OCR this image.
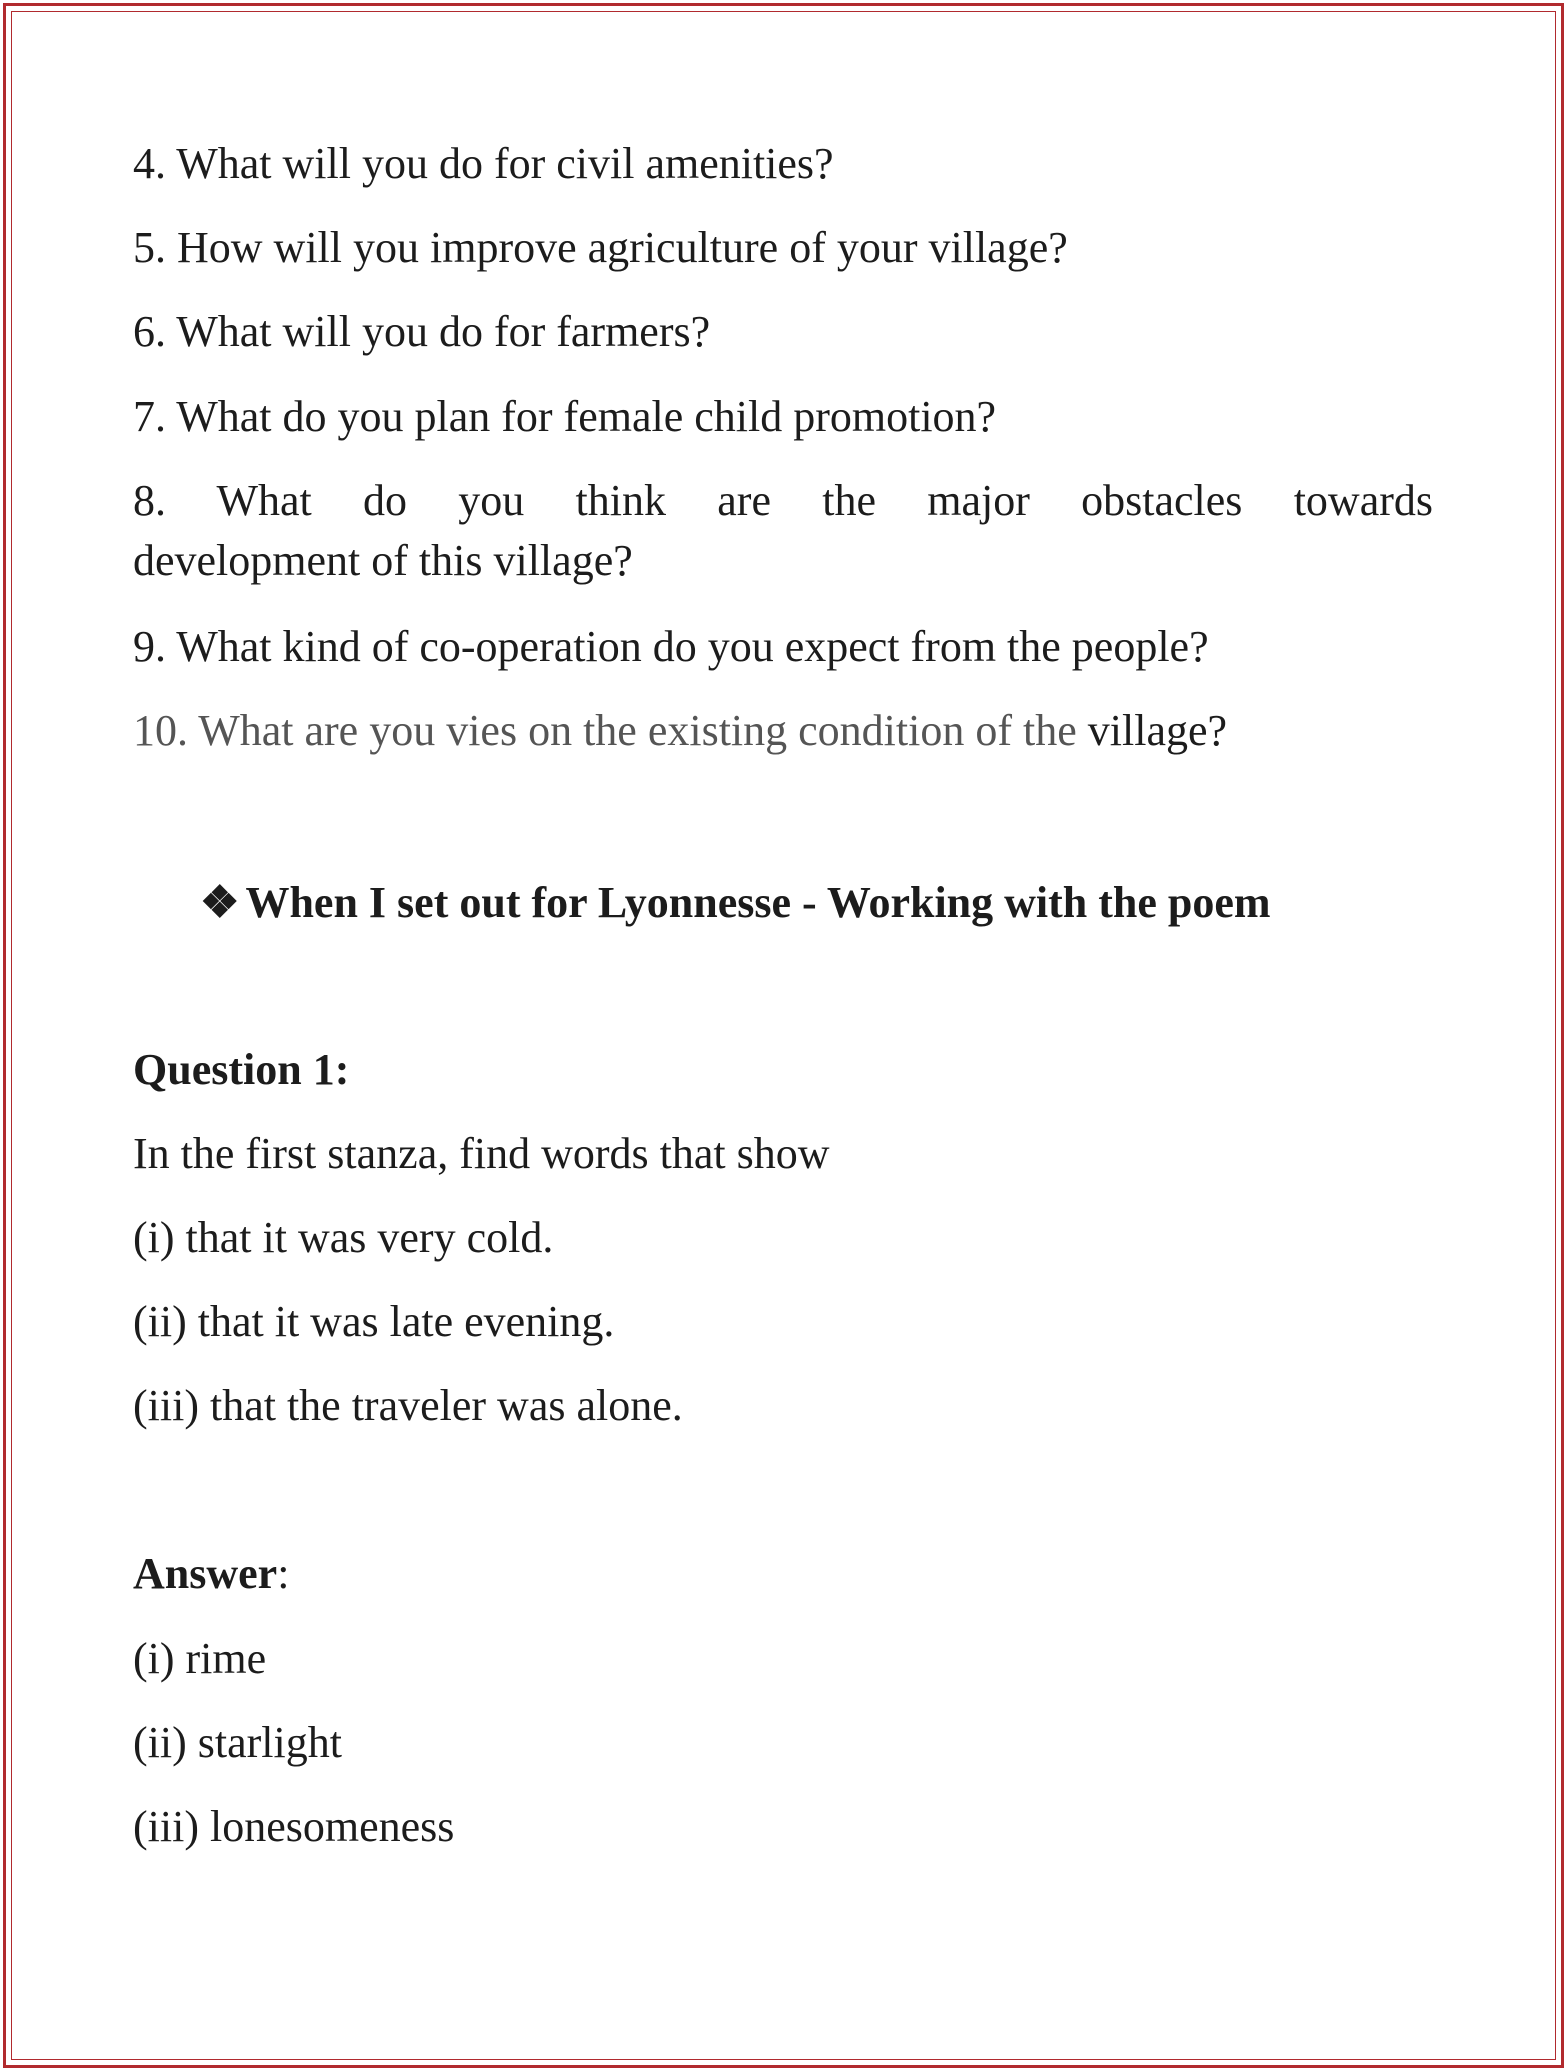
4. What will you do for civil amenities?
5. How will you improve agriculture of your village?
6. What will you do for farmers?
7. What do you plan for female child promotion?
8. What do you think are the major obstacles towards
development of this village?
9. What kind of co-operation do you expect from the people?
10. What are you vies on the existing condition of the village?
❖ When I set out for Lyonnesse - Working with the poem
Question 1:
In the first stanza, find words that show
(i) that it was very cold.
(ii) that it was late evening.
(iii) that the traveler was alone.
Answer:
(i) rime
(ii) starlight
(iii) lonesomeness
